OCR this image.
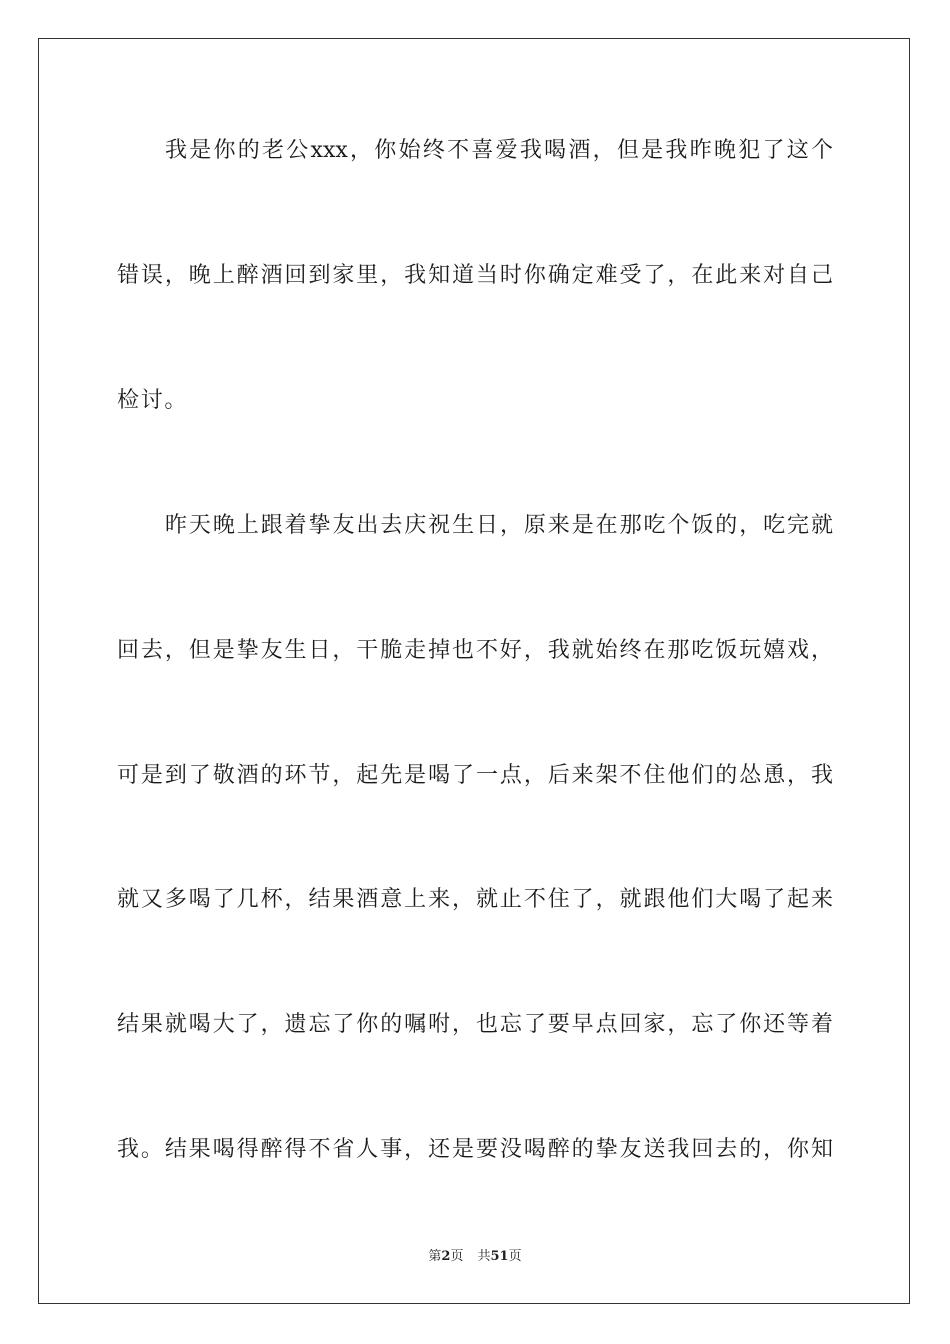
我是你的老公xxx，你始终不喜爱我喝酒，但是我昨晚犯了这个
错误，晚上醉酒回到家里，我知道当时你确定难受了，在此来对自己
检讨。
昨天晚上跟着挚友出去庆祝生日，原来是在那吃个饭的，吃完就
回去，但是挚友生日，干脆走掉也不好，我就始终在那吃饭玩嬉戏，
可是到了敬酒的环节，起先是喝了一点，后来架不住他们的怂恿，我
就又多喝了几杯，结果酒意上来，就止不住了，就跟他们大喝了起来
结果就喝大了，遗忘了你的嘱咐，也忘了要早点回家，忘了你还等着
我。结果喝得醉得不省人事，还是要没喝醉的挚友送我回去的，你知
第2页 共51页
